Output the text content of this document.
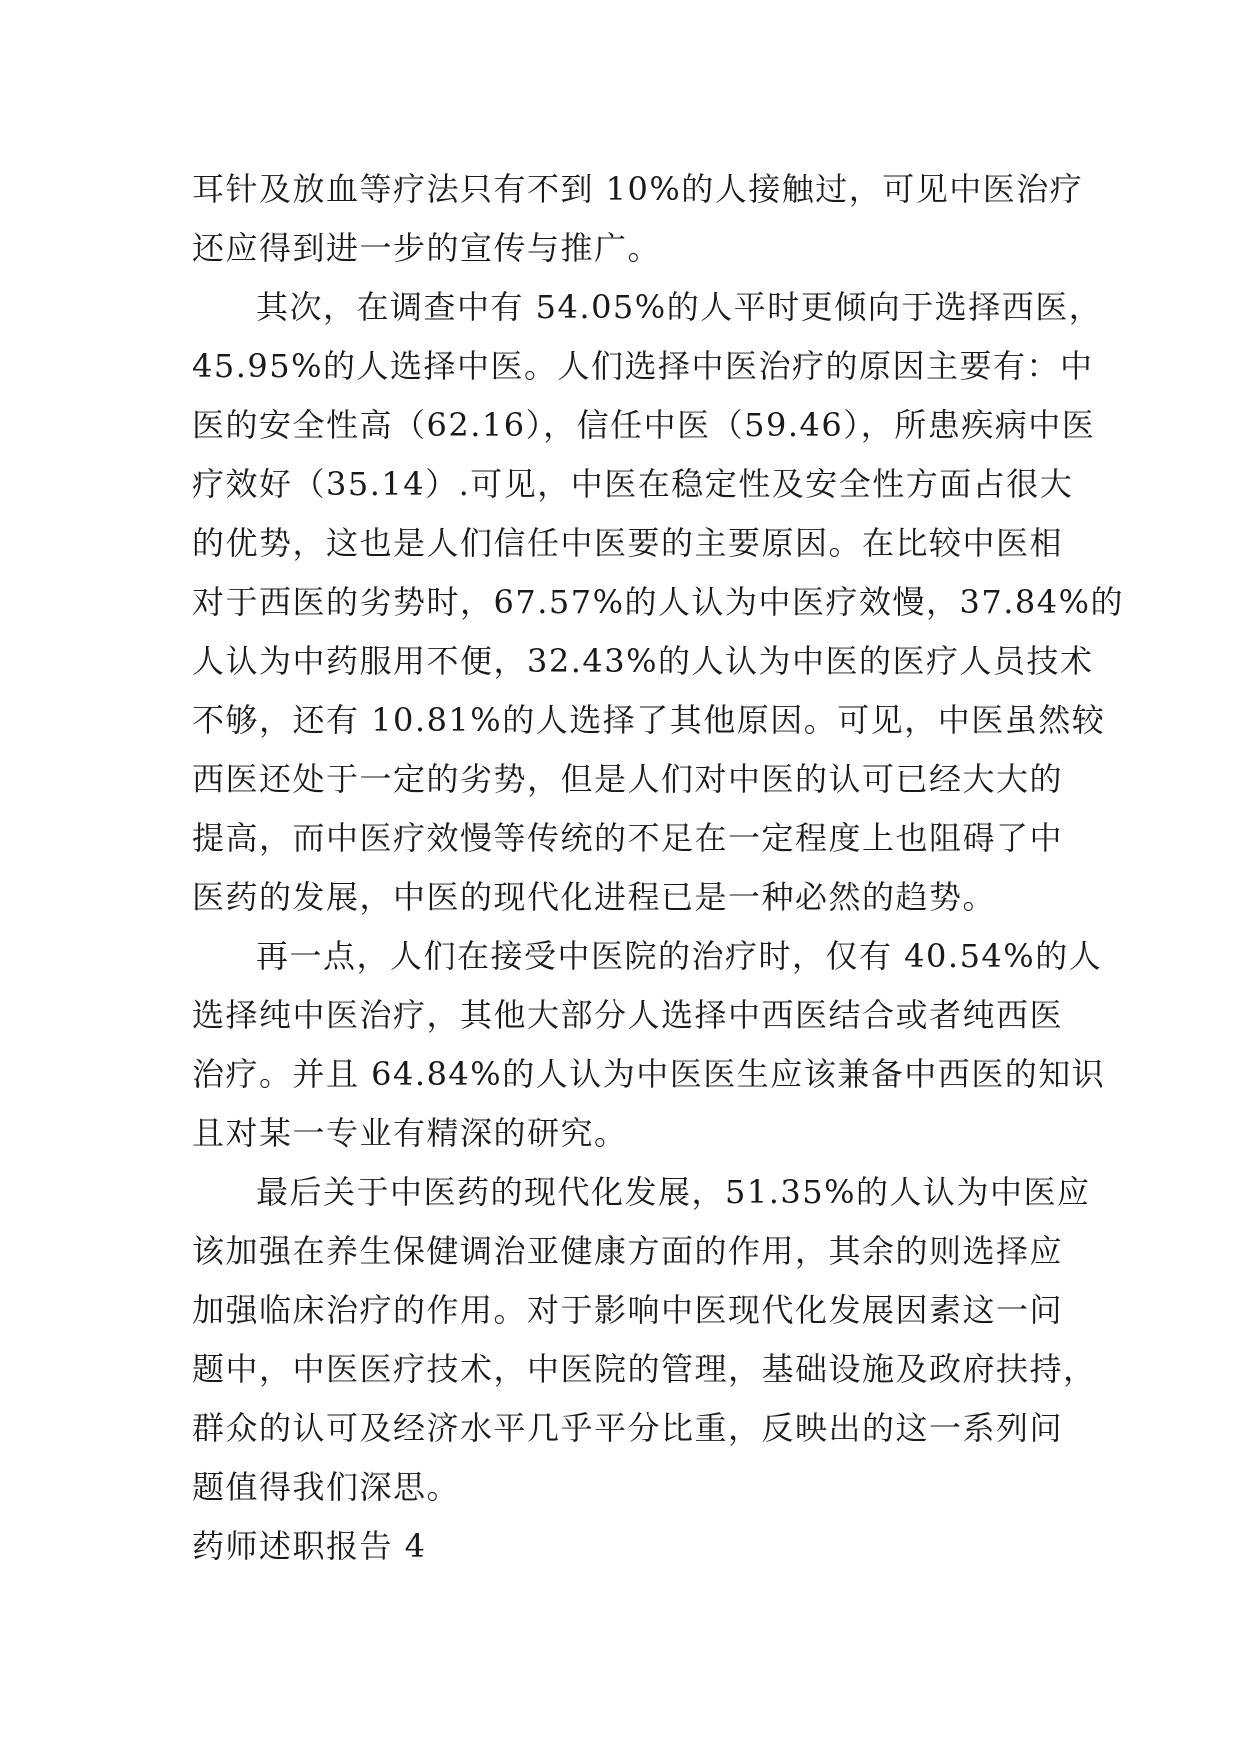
耳针及放血等疗法只有不到 10%的人接触过，可见中医治疗
还应得到进一步的宣传与推广。
其次，在调查中有 54.05%的人平时更倾向于选择西医，
45.95%的人选择中医。人们选择中医治疗的原因主要有：中
医的安全性高（62.16），信任中医（59.46），所患疾病中医
疗效好（35.14）.可见，中医在稳定性及安全性方面占很大
的优势，这也是人们信任中医要的主要原因。在比较中医相
对于西医的劣势时，67.57%的人认为中医疗效慢，37.84%的
人认为中药服用不便，32.43%的人认为中医的医疗人员技术
不够，还有 10.81%的人选择了其他原因。可见，中医虽然较
西医还处于一定的劣势，但是人们对中医的认可已经大大的
提高，而中医疗效慢等传统的不足在一定程度上也阻碍了中
医药的发展，中医的现代化进程已是一种必然的趋势。
再一点，人们在接受中医院的治疗时，仅有 40.54%的人
选择纯中医治疗，其他大部分人选择中西医结合或者纯西医
治疗。并且 64.84%的人认为中医医生应该兼备中西医的知识
且对某一专业有精深的研究。
最后关于中医药的现代化发展，51.35%的人认为中医应
该加强在养生保健调治亚健康方面的作用，其余的则选择应
加强临床治疗的作用。对于影响中医现代化发展因素这一问
题中，中医医疗技术，中医院的管理，基础设施及政府扶持，
群众的认可及经济水平几乎平分比重，反映出的这一系列问
题值得我们深思。
药师述职报告 4
